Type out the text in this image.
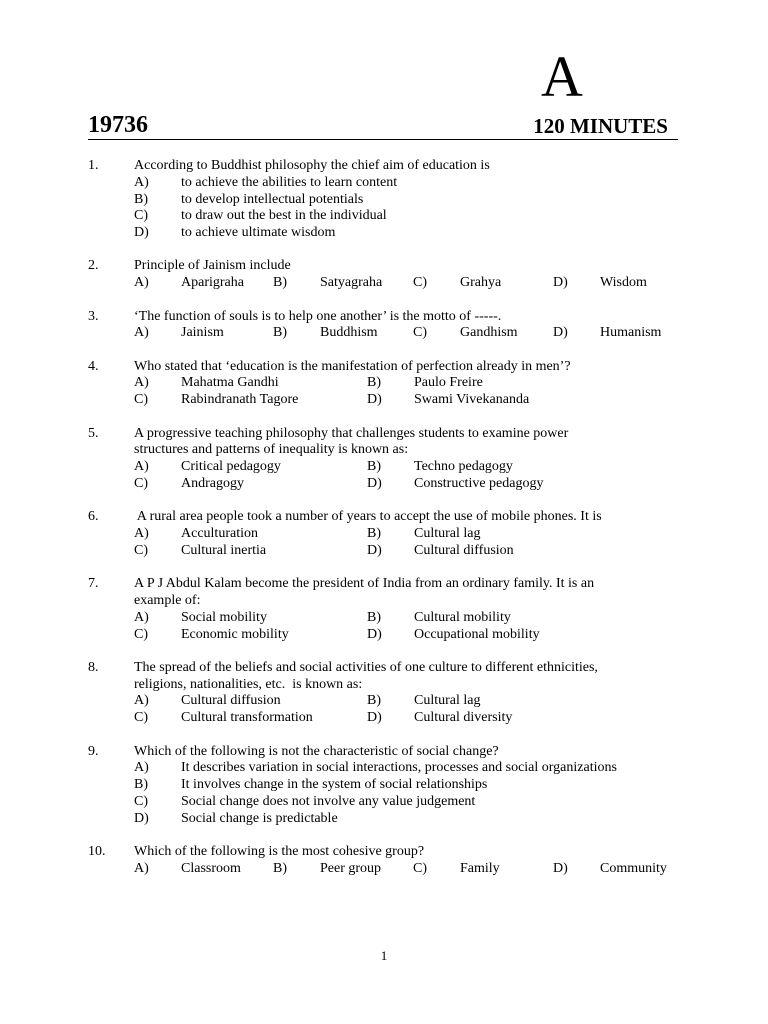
A
19736	120 MINUTES
1.	According to Buddhist philosophy the chief aim of education is
A)	to achieve the abilities to learn content
B)	to develop intellectual potentials
C)	to draw out the best in the individual
D)	to achieve ultimate wisdom
2.	Principle of Jainism include
A)	Aparigraha	B)	Satyagraha	C)	Grahya	D)	Wisdom
3.	‘The function of souls is to help one another’ is the motto of -----.
A)	Jainism	B)	Buddhism	C)	Gandhism	D)	Humanism
4.	Who stated that ‘education is the manifestation of perfection already in men’?
A)	Mahatma Gandhi	B)	Paulo Freire
C)	Rabindranath Tagore	D)	Swami Vivekananda
5.	A progressive teaching philosophy that challenges students to examine power
structures and patterns of inequality is known as:
A)	Critical pedagogy	B)	Techno pedagogy
C)	Andragogy	D)	Constructive pedagogy
6.	A rural area people took a number of years to accept the use of mobile phones. It is
A)	Acculturation	B)	Cultural lag
C)	Cultural inertia	D)	Cultural diffusion
7.	A P J Abdul Kalam become the president of India from an ordinary family. It is an
example of:
A)	Social mobility	B)	Cultural mobility
C)	Economic mobility	D)	Occupational mobility
8.	The spread of the beliefs and social activities of one culture to different ethnicities,
religions, nationalities, etc.  is known as:
A)	Cultural diffusion	B)	Cultural lag
C)	Cultural transformation	D)	Cultural diversity
9.	Which of the following is not the characteristic of social change?
A)	It describes variation in social interactions, processes and social organizations
B)	It involves change in the system of social relationships
C)	Social change does not involve any value judgement
D)	Social change is predictable
10.	Which of the following is the most cohesive group?
A)	Classroom	B)	Peer group	C)	Family	D)	Community
1
